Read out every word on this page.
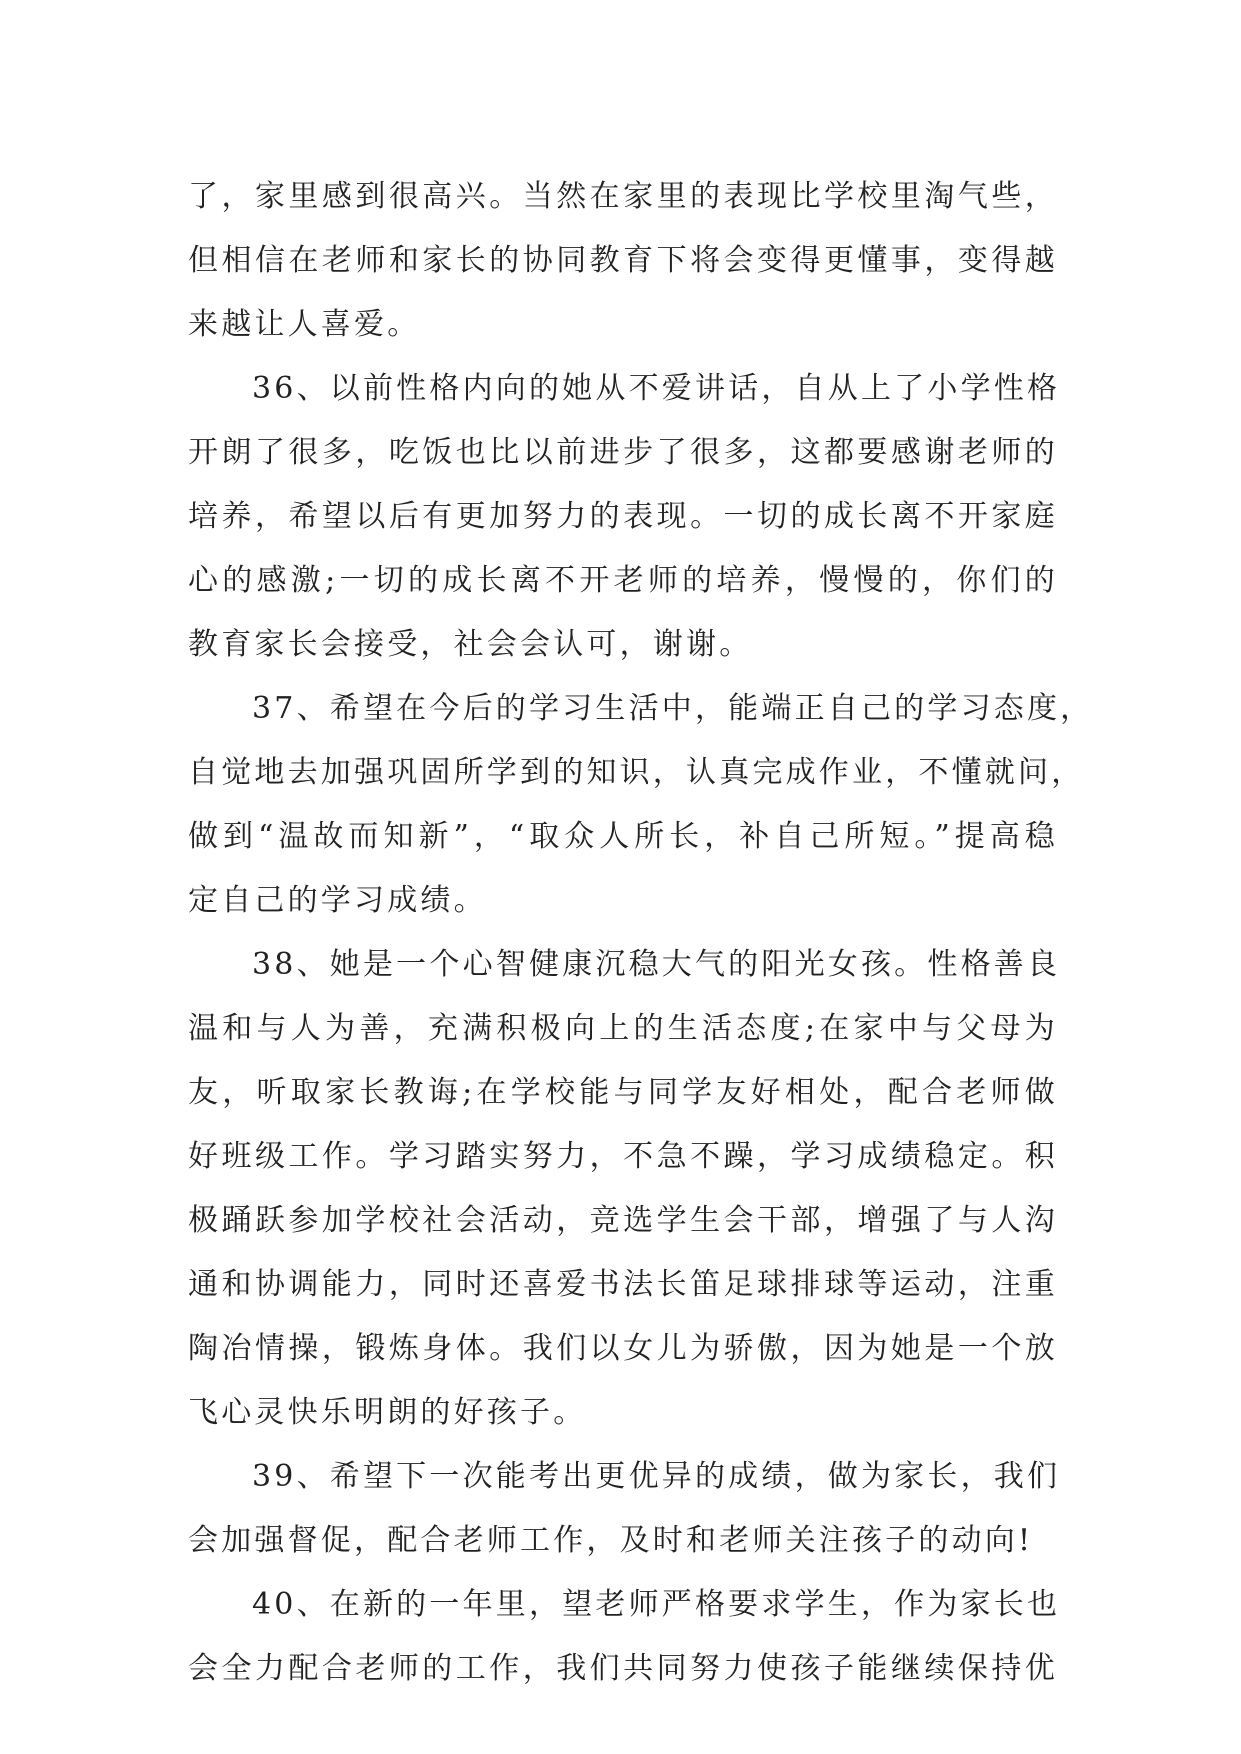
了，家里感到很高兴。当然在家里的表现比学校里淘气些，
但相信在老师和家长的协同教育下将会变得更懂事，变得越
来越让人喜爱。
36、以前性格内向的她从不爱讲话，自从上了小学性格
开朗了很多，吃饭也比以前进步了很多，这都要感谢老师的
培养，希望以后有更加努力的表现。一切的成长离不开家庭
心的感激;一切的成长离不开老师的培养，慢慢的，你们的
教育家长会接受，社会会认可，谢谢。
37、希望在今后的学习生活中，能端正自己的学习态度，
自觉地去加强巩固所学到的知识，认真完成作业，不懂就问，
做到“温故而知新”，“取众人所长，补自己所短。”提高稳
定自己的学习成绩。
38、她是一个心智健康沉稳大气的阳光女孩。性格善良
温和与人为善，充满积极向上的生活态度;在家中与父母为
友，听取家长教诲;在学校能与同学友好相处，配合老师做
好班级工作。学习踏实努力，不急不躁，学习成绩稳定。积
极踊跃参加学校社会活动，竞选学生会干部，增强了与人沟
通和协调能力，同时还喜爱书法长笛足球排球等运动，注重
陶冶情操，锻炼身体。我们以女儿为骄傲，因为她是一个放
飞心灵快乐明朗的好孩子。
39、希望下一次能考出更优异的成绩，做为家长，我们
会加强督促，配合老师工作，及时和老师关注孩子的动向!
40、在新的一年里，望老师严格要求学生，作为家长也
会全力配合老师的工作，我们共同努力使孩子能继续保持优
